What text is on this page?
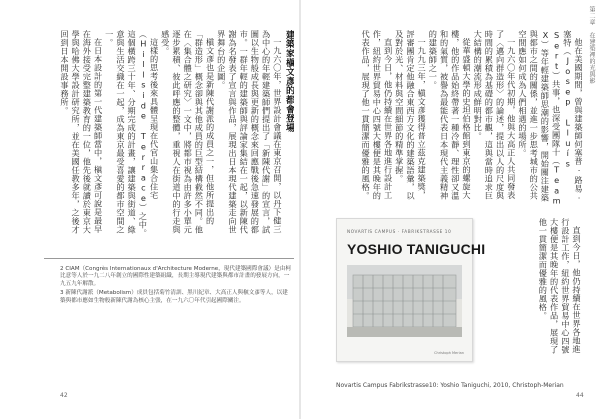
建築家槇文彥的都會登場

一九六〇年，世界設計會議在東京召開，以丹下健三為中心的年輕建築師們提出了「新陳代謝」的宣言，試圖以生物般成長與更新的概念來回應戰後急速發展的都市。一群年輕的建築師與評論家集結在一起，以新陳代謝為名發表了宣言與作品，展現出日本現代建築走向世界舞台的企圖。

槇文彥也是新陳代謝派的成員之一，但他所提出的「群造形」概念卻與其他成員的巨型結構截然不同。他在〈集合體之研究〉一文中，將都市視為由許多小單元逐步累積、彼此呼應的整體，重視人在街道中的行走與感受。

這樣的思考後來具體呈現在代官山集合住宅（Hillside Terrace）之中。這個橫跨三十年、分期完成的計畫，讓建築與街道、綠意與生活交織在一起，成為東京最受喜愛的都市空間之一。

在日本設計的第一代建築師當中，槇文彥可說是最早在海外接受完整建築教育的一位，他先後就讀於東京大學與哈佛大學設計研究所，並在美國任教多年，之後才回到日本開設事務所。

2 CIAM（Congrès Internationaux d'Architecture Moderne，現代建築國際會議）是由柯比意等人於一九二八年創立的國際性建築組織，長期主導現代建築與都市計畫的發展方向，一九五九年解散。

3 新陳代謝派（Metabolism）成員包括菊竹清訓、黑川紀章、大高正人與槇文彥等人，以建築與都市應如生物般新陳代謝為核心主張，在一九六〇年代引起國際關注。

42
第二章　在建築裡的光與影

他在美國期間，曾與建築師何塞普‧路易‧塞特（Josep Lluís Sert）共事，也深受團隊十（Team X）等年輕建築師思潮的影響，開始關注建築與都市之間的關係，並進一步思考城市的公共空間應如何成為人們相遇的場所。

一九六〇年代初期，他與大高正人共同發表了〈邁向群造形〉的論述，提出以人的尺度與時間的累積為基礎的都市觀，這與當時追求巨大結構的潮流形成鮮明對比。

從華盛頓大學的史坦伯格館到東京的螺旋大樓，他的作品始終帶著一種冷靜、理性卻又溫和的氣質，被譽為最能代表日本現代主義精神的建築師之一。

一九九三年，槇文彥獲得普立茲克建築獎，評審團肯定他融合東西方文化的建築語彙，以及對於光、材料與空間細節的精準掌握。

直到今日，他仍持續在世界各地進行設計工作，紐約世界貿易中心四號大樓便是其晚年的代表作品，展現了他一貫簡潔而優雅的風格。

直到今日，他仍持續在世界各地進行設計工作，紐約世界貿易中心四號大樓便是其晚年的代表作品，展現了他一貫簡潔而優雅的風格。

44
NOVARTIS CAMPUS · FABRIKSTRASSE 10
YOSHIO TANIGUCHI
Christoph Merian
Novartis Campus Fabrikstrasse10: Yoshio Taniguchi, 2010, Christoph-Merian
